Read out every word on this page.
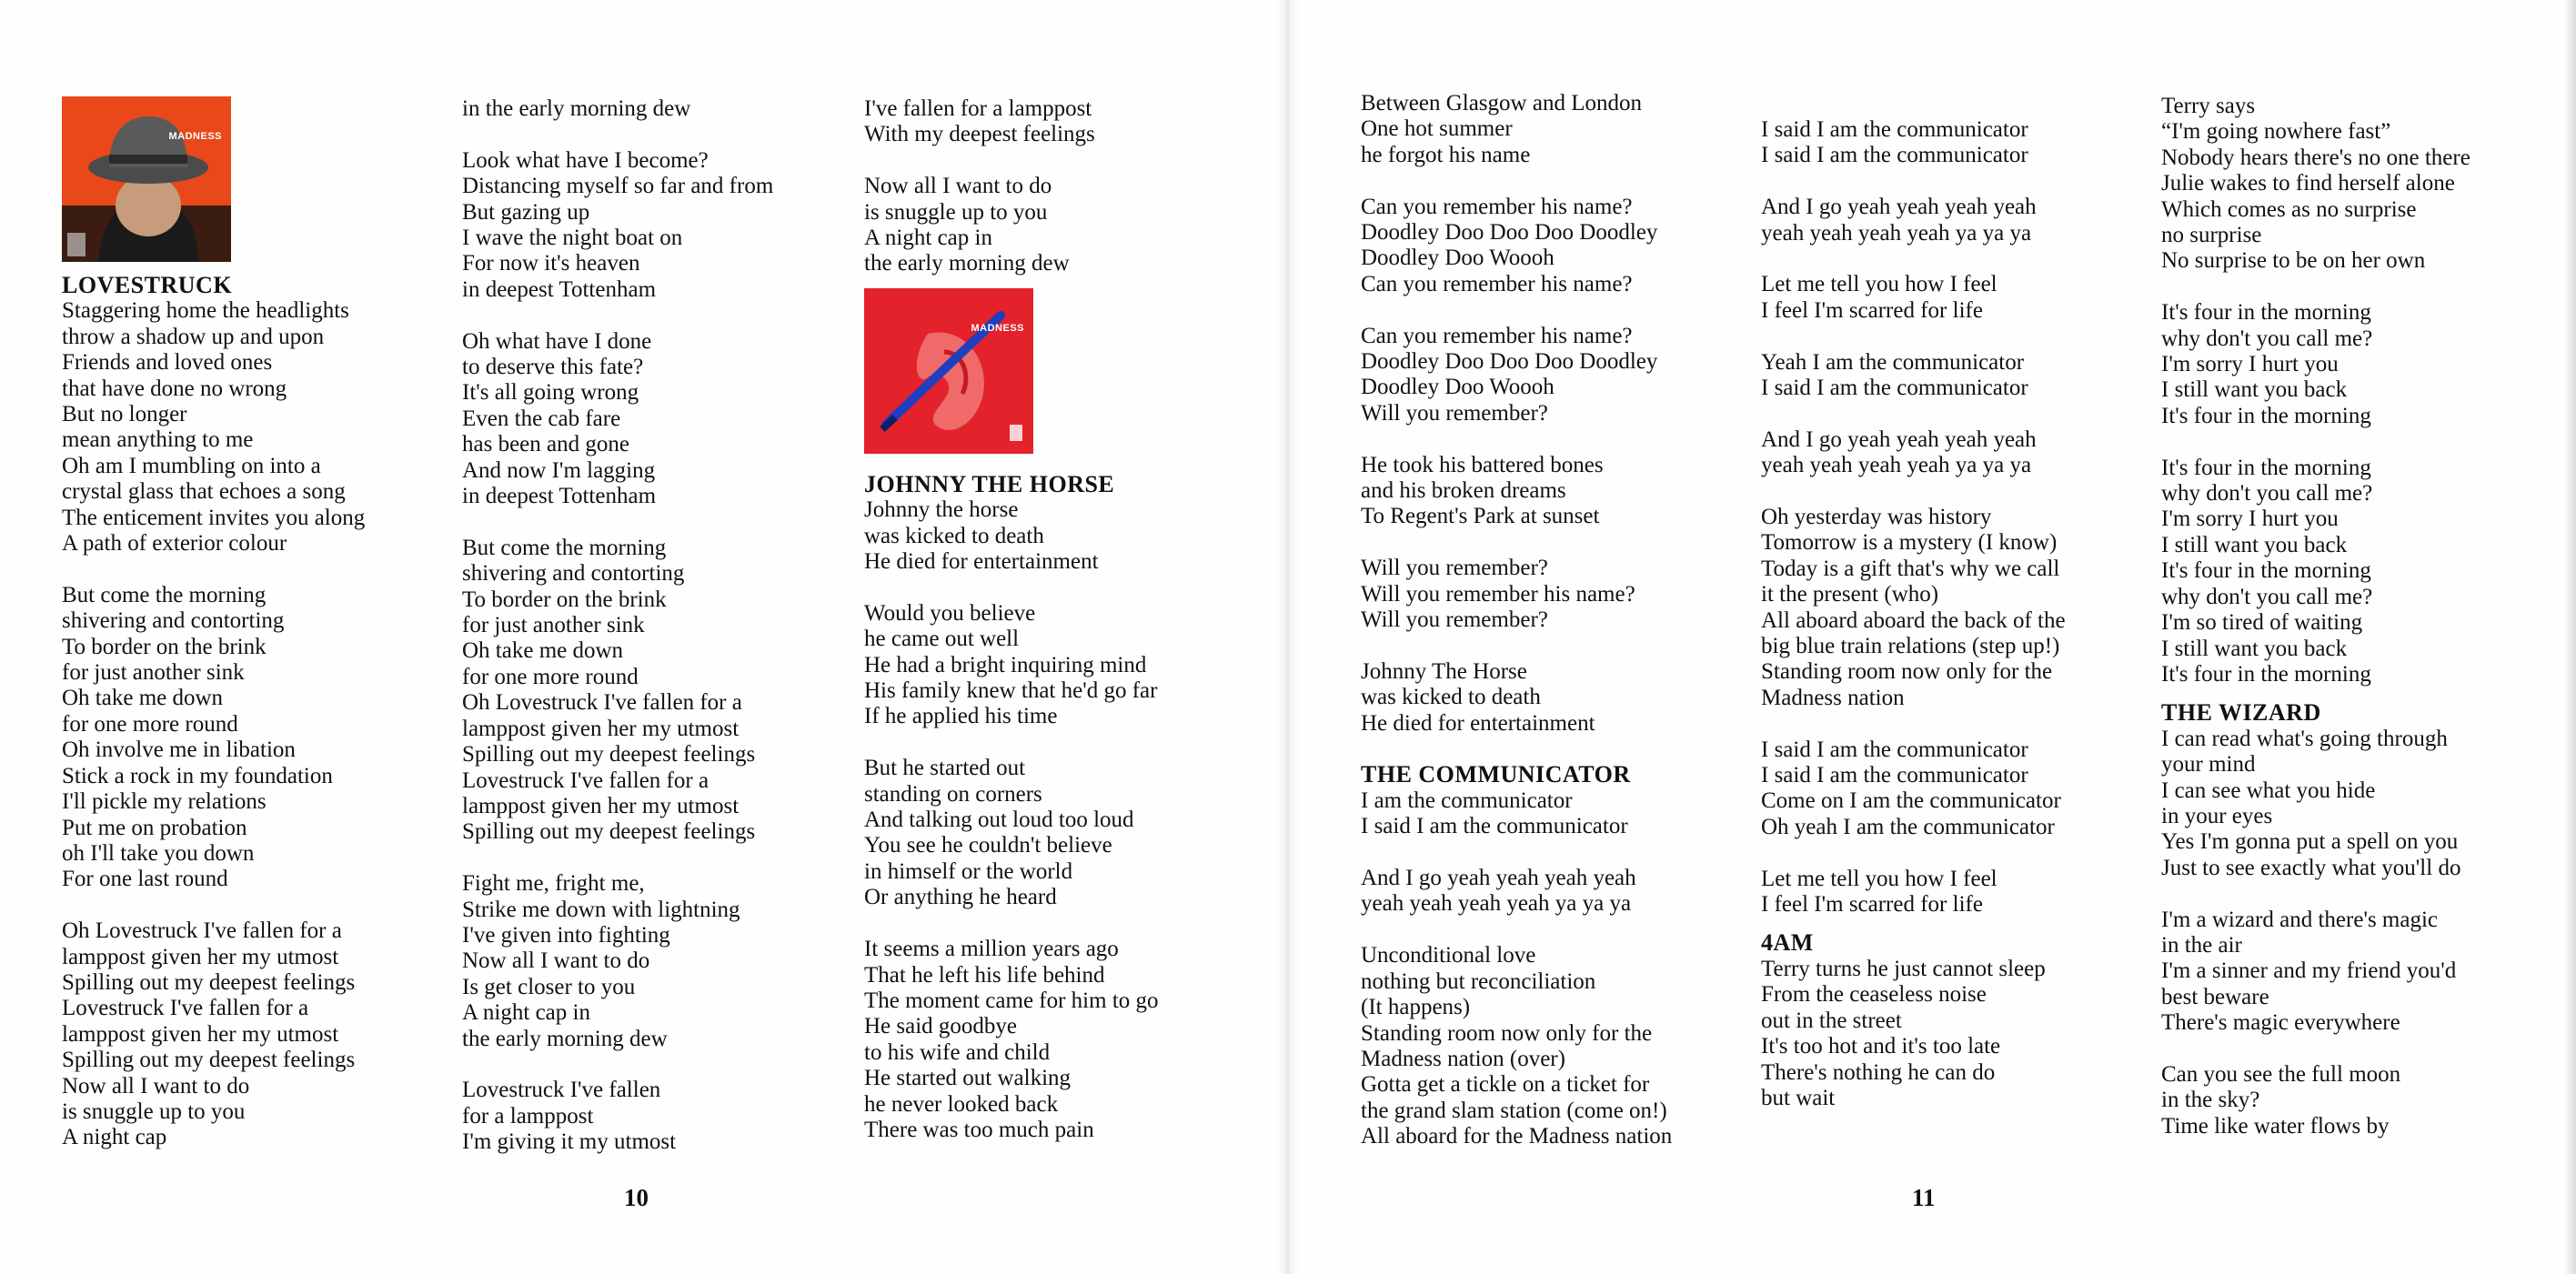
MADNESS
LOVESTRUCK
Staggering home the headlights
throw a shadow up and upon
Friends and loved ones
that have done no wrong
But no longer
mean anything to me
Oh am I mumbling on into a
crystal glass that echoes a song
The enticement invites you along
A path of exterior colour
But come the morning
shivering and contorting
To border on the brink
for just another sink
Oh take me down
for one more round
Oh involve me in libation
Stick a rock in my foundation
I'll pickle my relations
Put me on probation
oh I'll take you down
For one last round
Oh Lovestruck I've fallen for a
lamppost given her my utmost
Spilling out my deepest feelings
Lovestruck I've fallen for a
lamppost given her my utmost
Spilling out my deepest feelings
Now all I want to do
is snuggle up to you
A night cap
in the early morning dew
Look what have I become?
Distancing myself so far and from
But gazing up
I wave the night boat on
For now it's heaven
in deepest Tottenham
Oh what have I done
to deserve this fate?
It's all going wrong
Even the cab fare
has been and gone
And now I'm lagging
in deepest Tottenham
But come the morning
shivering and contorting
To border on the brink
for just another sink
Oh take me down
for one more round
Oh Lovestruck I've fallen for a
lamppost given her my utmost
Spilling out my deepest feelings
Lovestruck I've fallen for a
lamppost given her my utmost
Spilling out my deepest feelings
Fight me, fright me,
Strike me down with lightning
I've given into fighting
Now all I want to do
Is get closer to you
A night cap in
the early morning dew
Lovestruck I've fallen
for a lamppost
I'm giving it my utmost
I've fallen for a lamppost
With my deepest feelings
Now all I want to do
is snuggle up to you
A night cap in
the early morning dew
MADNESS
JOHNNY THE HORSE
Johnny the horse
was kicked to death
He died for entertainment
Would you believe
he came out well
He had a bright inquiring mind
His family knew that he'd go far
If he applied his time
But he started out
standing on corners
And talking out loud too loud
You see he couldn't believe
in himself or the world
Or anything he heard
It seems a million years ago
That he left his life behind
The moment came for him to go
He said goodbye
to his wife and child
He started out walking
he never looked back
There was too much pain
10
Between Glasgow and London
One hot summer
he forgot his name
Can you remember his name?
Doodley Doo Doo Doo Doodley
Doodley Doo Woooh
Can you remember his name?
Can you remember his name?
Doodley Doo Doo Doo Doodley
Doodley Doo Woooh
Will you remember?
He took his battered bones
and his broken dreams
To Regent's Park at sunset
Will you remember?
Will you remember his name?
Will you remember?
Johnny The Horse
was kicked to death
He died for entertainment
THE COMMUNICATOR
I am the communicator
I said I am the communicator
And I go yeah yeah yeah yeah
yeah yeah yeah yeah ya ya ya
Unconditional love
nothing but reconciliation
(It happens)
Standing room now only for the
Madness nation (over)
Gotta get a tickle on a ticket for
the grand slam station (come on!)
All aboard for the Madness nation
I said I am the communicator
I said I am the communicator
And I go yeah yeah yeah yeah
yeah yeah yeah yeah ya ya ya
Let me tell you how I feel
I feel I'm scarred for life
Yeah I am the communicator
I said I am the communicator
And I go yeah yeah yeah yeah
yeah yeah yeah yeah ya ya ya
Oh yesterday was history
Tomorrow is a mystery (I know)
Today is a gift that's why we call
it the present (who)
All aboard aboard the back of the
big blue train relations (step up!)
Standing room now only for the
Madness nation
I said I am the communicator
I said I am the communicator
Come on I am the communicator
Oh yeah I am the communicator
Let me tell you how I feel
I feel I'm scarred for life
4AM
Terry turns he just cannot sleep
From the ceaseless noise
out in the street
It's too hot and it's too late
There's nothing he can do
but wait
Terry says
“I'm going nowhere fast”
Nobody hears there's no one there
Julie wakes to find herself alone
Which comes as no surprise
no surprise
No surprise to be on her own
It's four in the morning
why don't you call me?
I'm sorry I hurt you
I still want you back
It's four in the morning
It's four in the morning
why don't you call me?
I'm sorry I hurt you
I still want you back
It's four in the morning
why don't you call me?
I'm so tired of waiting
I still want you back
It's four in the morning
THE WIZARD
I can read what's going through
your mind
I can see what you hide
in your eyes
Yes I'm gonna put a spell on you
Just to see exactly what you'll do
I'm a wizard and there's magic
in the air
I'm a sinner and my friend you'd
best beware
There's magic everywhere
Can you see the full moon
in the sky?
Time like water flows by
11
